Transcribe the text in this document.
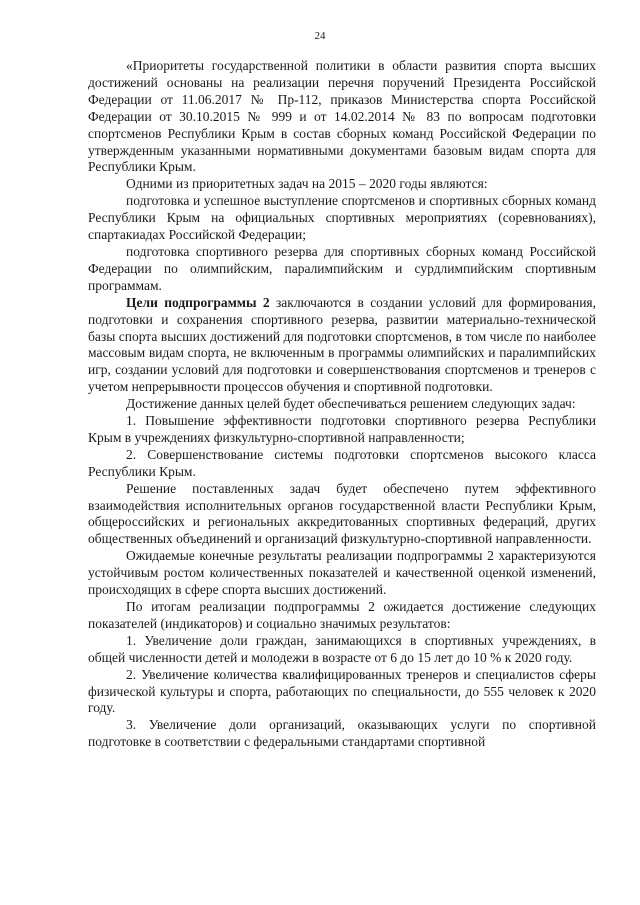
24

«Приоритеты государственной политики в области развития спорта высших достижений основаны на реализации перечня поручений Президента Российской Федерации от 11.06.2017 № Пр-112, приказов Министерства спорта Российской Федерации от 30.10.2015 № 999 и от 14.02.2014 № 83 по вопросам подготовки спортсменов Республики Крым в состав сборных команд Российской Федерации по утвержденным указанными нормативными документами базовым видам спорта для Республики Крым.

Одними из приоритетных задач на 2015 – 2020 годы являются:

подготовка и успешное выступление спортсменов и спортивных сборных команд Республики Крым на официальных спортивных мероприятиях (соревнованиях), спартакиадах Российской Федерации;

подготовка спортивного резерва для спортивных сборных команд Российской Федерации по олимпийским, паралимпийским и сурдлимпийским спортивным программам.

Цели подпрограммы 2 заключаются в создании условий для формирования, подготовки и сохранения спортивного резерва, развитии материально-технической базы спорта высших достижений для подготовки спортсменов, в том числе по наиболее массовым видам спорта, не включенным в программы олимпийских и паралимпийских игр, создании условий для подготовки и совершенствования спортсменов и тренеров с учетом непрерывности процессов обучения и спортивной подготовки.

Достижение данных целей будет обеспечиваться решением следующих задач:

1. Повышение эффективности подготовки спортивного резерва Республики Крым в учреждениях физкультурно-спортивной направленности;

2. Совершенствование системы подготовки спортсменов высокого класса Республики Крым.

Решение поставленных задач будет обеспечено путем эффективного взаимодействия исполнительных органов государственной власти Республики Крым, общероссийских и региональных аккредитованных спортивных федераций, других общественных объединений и организаций физкультурно-спортивной направленности.

Ожидаемые конечные результаты реализации подпрограммы 2 характеризуются устойчивым ростом количественных показателей и качественной оценкой изменений, происходящих в сфере спорта высших достижений.

По итогам реализации подпрограммы 2 ожидается достижение следующих показателей (индикаторов) и социально значимых результатов:

1. Увеличение доли граждан, занимающихся в спортивных учреждениях, в общей численности детей и молодежи в возрасте от 6 до 15 лет до 10 % к 2020 году.

2. Увеличение количества квалифицированных тренеров и специалистов сферы физической культуры и спорта, работающих по специальности, до 555 человек к 2020 году.

3. Увеличение доли организаций, оказывающих услуги по спортивной подготовке в соответствии с федеральными стандартами спортивной
